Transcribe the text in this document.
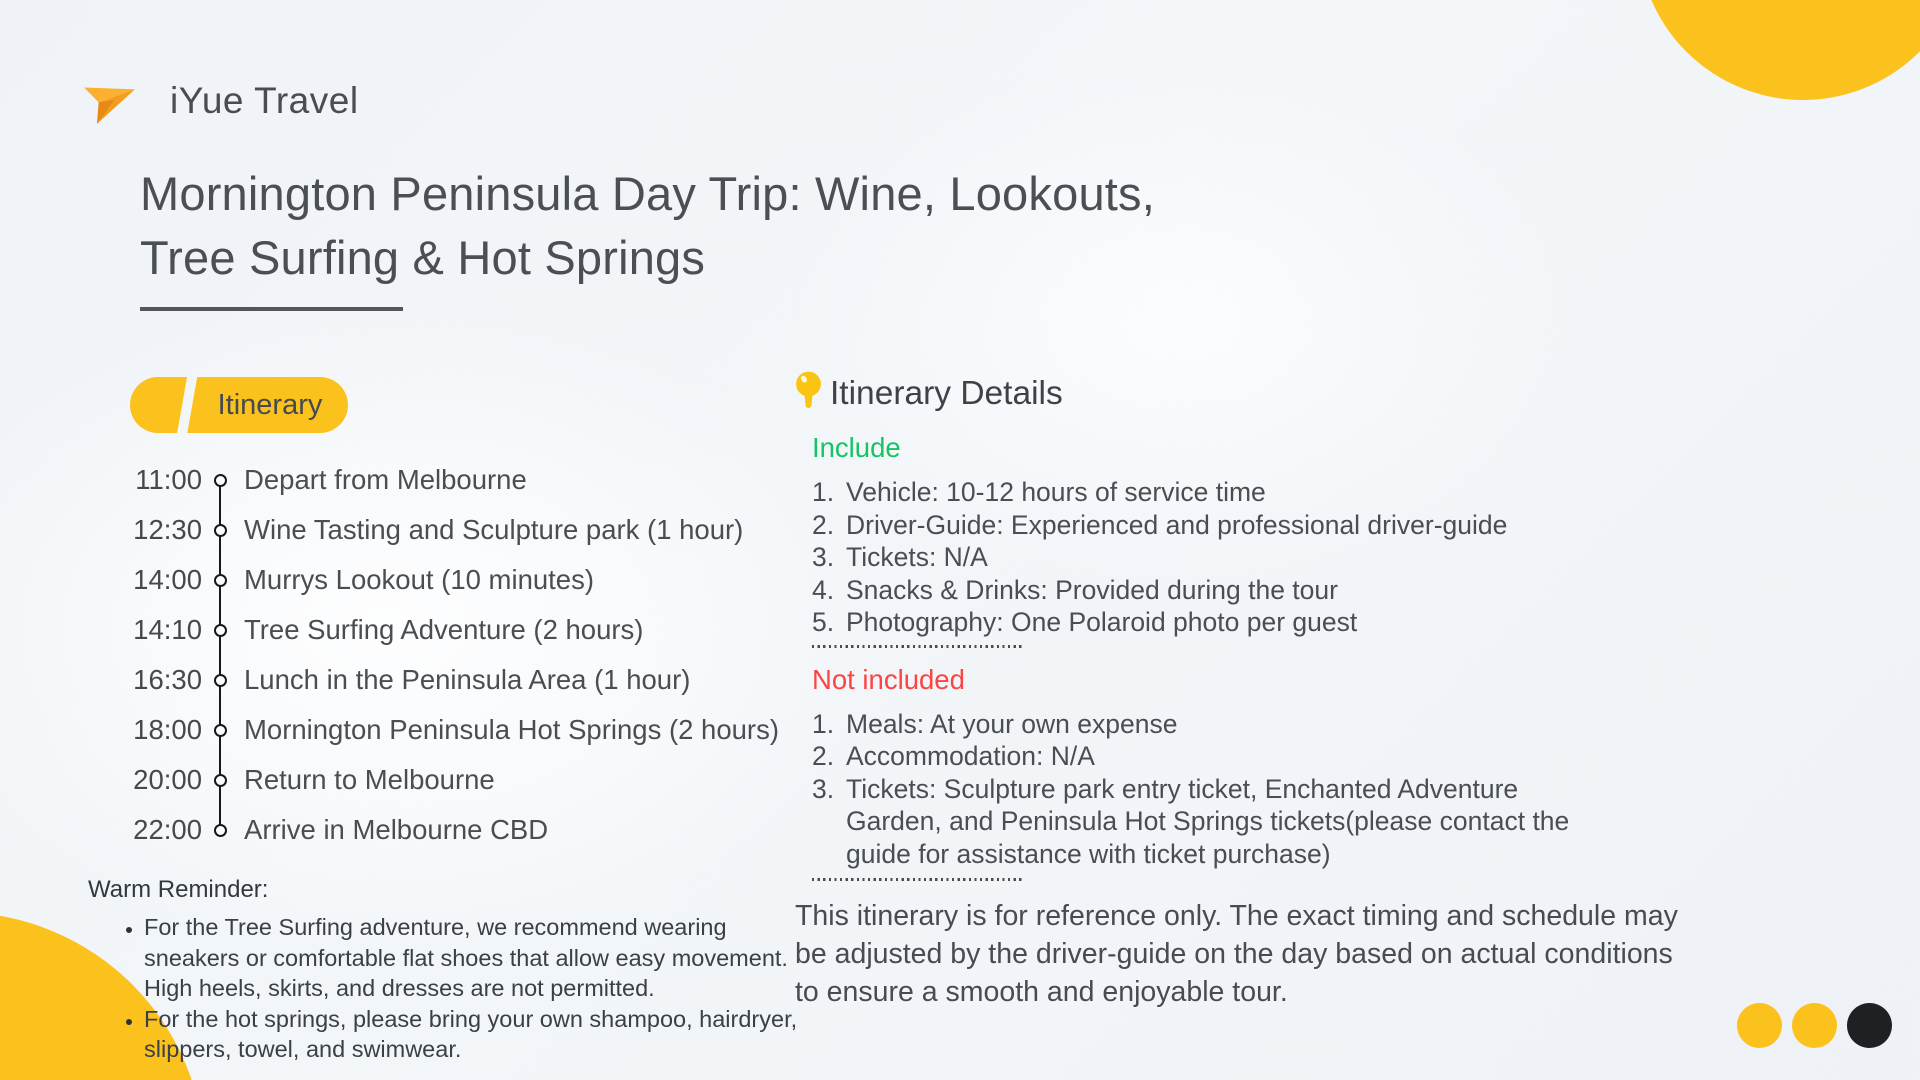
iYue Travel
Mornington Peninsula Day Trip: Wine, Lookouts,
Tree Surfing & Hot Springs
Itinerary
11:00 Depart from Melbourne
12:30 Wine Tasting and Sculpture park (1 hour)
14:00 Murrys Lookout (10 minutes)
14:10 Tree Surfing Adventure (2 hours)
16:30 Lunch in the Peninsula Area (1 hour)
18:00 Mornington Peninsula Hot Springs (2 hours)
20:00 Return to Melbourne
22:00 Arrive in Melbourne CBD
Warm Reminder:
• For the Tree Surfing adventure, we recommend wearing sneakers or comfortable flat shoes that allow easy movement. High heels, skirts, and dresses are not permitted.
• For the hot springs, please bring your own shampoo, hairdryer, slippers, towel, and swimwear.
Itinerary Details
Include
1. Vehicle: 10-12 hours of service time
2. Driver-Guide: Experienced and professional driver-guide
3. Tickets: N/A
4. Snacks & Drinks: Provided during the tour
5. Photography: One Polaroid photo per guest
Not included
1. Meals: At your own expense
2. Accommodation: N/A
3. Tickets: Sculpture park entry ticket, Enchanted Adventure Garden, and Peninsula Hot Springs tickets(please contact the guide for assistance with ticket purchase)
This itinerary is for reference only. The exact timing and schedule may be adjusted by the driver-guide on the day based on actual conditions to ensure a smooth and enjoyable tour.
